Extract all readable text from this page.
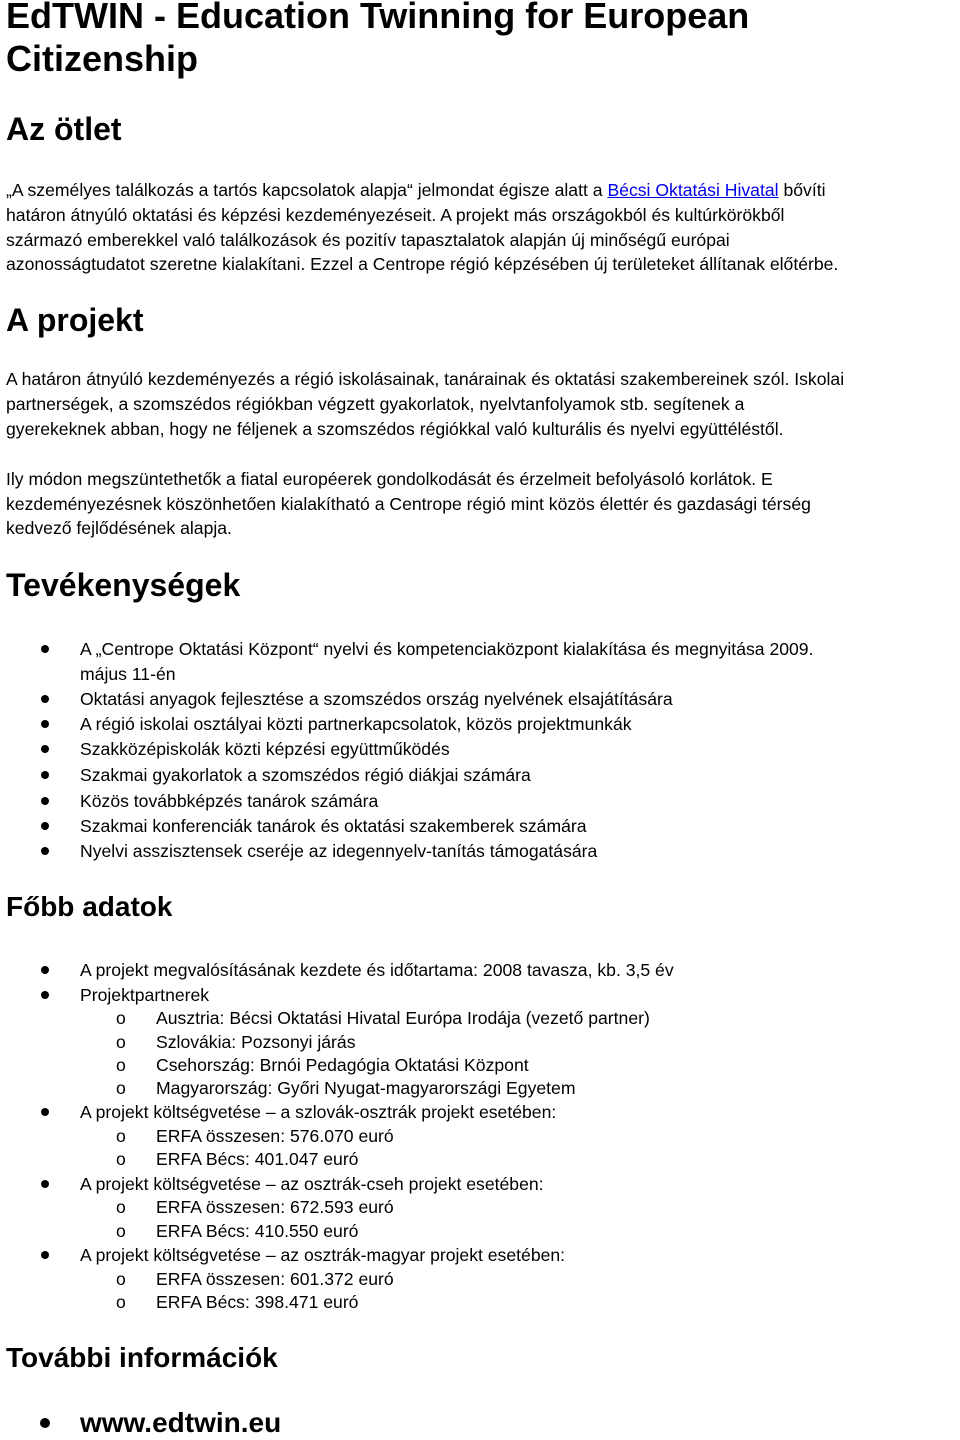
EdTWIN - Education Twinning for European
Citizenship
Az ötlet
„A személyes találkozás a tartós kapcsolatok alapja“ jelmondat égisze alatt a Bécsi Oktatási Hivatal bővíti
határon átnyúló oktatási és képzési kezdeményezéseit. A projekt más országokból és kultúrkörökből
származó emberekkel való találkozások és pozitív tapasztalatok alapján új minőségű európai
azonosságtudatot szeretne kialakítani. Ezzel a Centrope régió képzésében új területeket állítanak előtérbe.
A projekt
A határon átnyúló kezdeményezés a régió iskolásainak, tanárainak és oktatási szakembereinek szól. Iskolai
partnerségek, a szomszédos régiókban végzett gyakorlatok, nyelvtanfolyamok stb. segítenek a
gyerekeknek abban, hogy ne féljenek a szomszédos régiókkal való kulturális és nyelvi együttéléstől.
Ily módon megszüntethetők a fiatal européerek gondolkodását és érzelmeit befolyásoló korlátok. E
kezdeményezésnek köszönhetően kialakítható a Centrope régió mint közös élettér és gazdasági térség
kedvező fejlődésének alapja.
Tevékenységek
A „Centrope Oktatási Központ“ nyelvi és kompetenciaközpont kialakítása és megnyitása 2009.
május 11-én
Oktatási anyagok fejlesztése a szomszédos ország nyelvének elsajátítására
A régió iskolai osztályai közti partnerkapcsolatok, közös projektmunkák
Szakközépiskolák közti képzési együttműködés
Szakmai gyakorlatok a szomszédos régió diákjai számára
Közös továbbképzés tanárok számára
Szakmai konferenciák tanárok és oktatási szakemberek számára
Nyelvi asszisztensek cseréje az idegennyelv-tanítás támogatására
Főbb adatok
A projekt megvalósításának kezdete és időtartama: 2008 tavasza, kb. 3,5 év
Projektpartnerek
o Ausztria: Bécsi Oktatási Hivatal Európa Irodája (vezető partner)
o Szlovákia: Pozsonyi járás
o Csehország: Brnói Pedagógia Oktatási Központ
o Magyarország: Győri Nyugat-magyarországi Egyetem
A projekt költségvetése – a szlovák-osztrák projekt esetében:
o ERFA összesen: 576.070 euró
o ERFA Bécs: 401.047 euró
A projekt költségvetése – az osztrák-cseh projekt esetében:
o ERFA összesen: 672.593 euró
o ERFA Bécs: 410.550 euró
A projekt költségvetése – az osztrák-magyar projekt esetében:
o ERFA összesen: 601.372 euró
o ERFA Bécs: 398.471 euró
További információk
www.edtwin.eu
